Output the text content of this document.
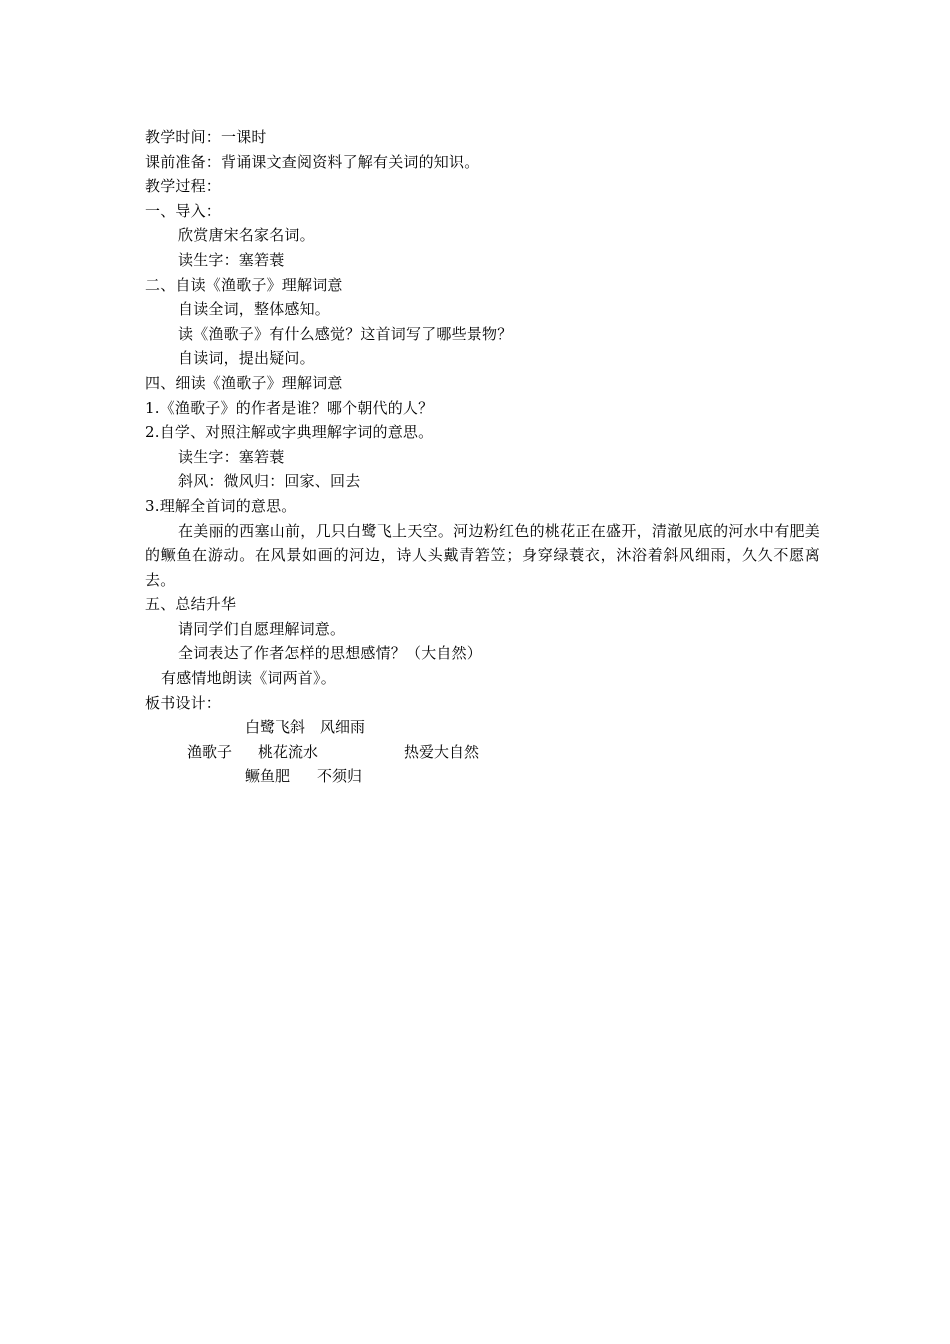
教学时间：一课时
课前准备：背诵课文查阅资料了解有关词的知识。
教学过程：
一、导入：
欣赏唐宋名家名词。
读生字：塞箬蓑
二、自读《渔歌子》理解词意
自读全词，整体感知。
读《渔歌子》有什么感觉？这首词写了哪些景物？
自读词，提出疑问。
四、细读《渔歌子》理解词意
1.《渔歌子》的作者是谁？哪个朝代的人？
2.自学、对照注解或字典理解字词的意思。
读生字：塞箬蓑
斜风：微风归：回家、回去
3.理解全首词的意思。
在美丽的西塞山前，几只白鹭飞上天空。河边粉红色的桃花正在盛开，清澈见底的河水中有肥美的鳜鱼在游动。在风景如画的河边，诗人头戴青箬笠；身穿绿蓑衣，沐浴着斜风细雨，久久不愿离去。
五、总结升华
请同学们自愿理解词意。
全词表达了作者怎样的思想感情？（大自然）
有感情地朗读《词两首》。
板书设计：
白鹭飞斜 风细雨
渔歌子 桃花流水	热爱大自然
鳜鱼肥 不须归
